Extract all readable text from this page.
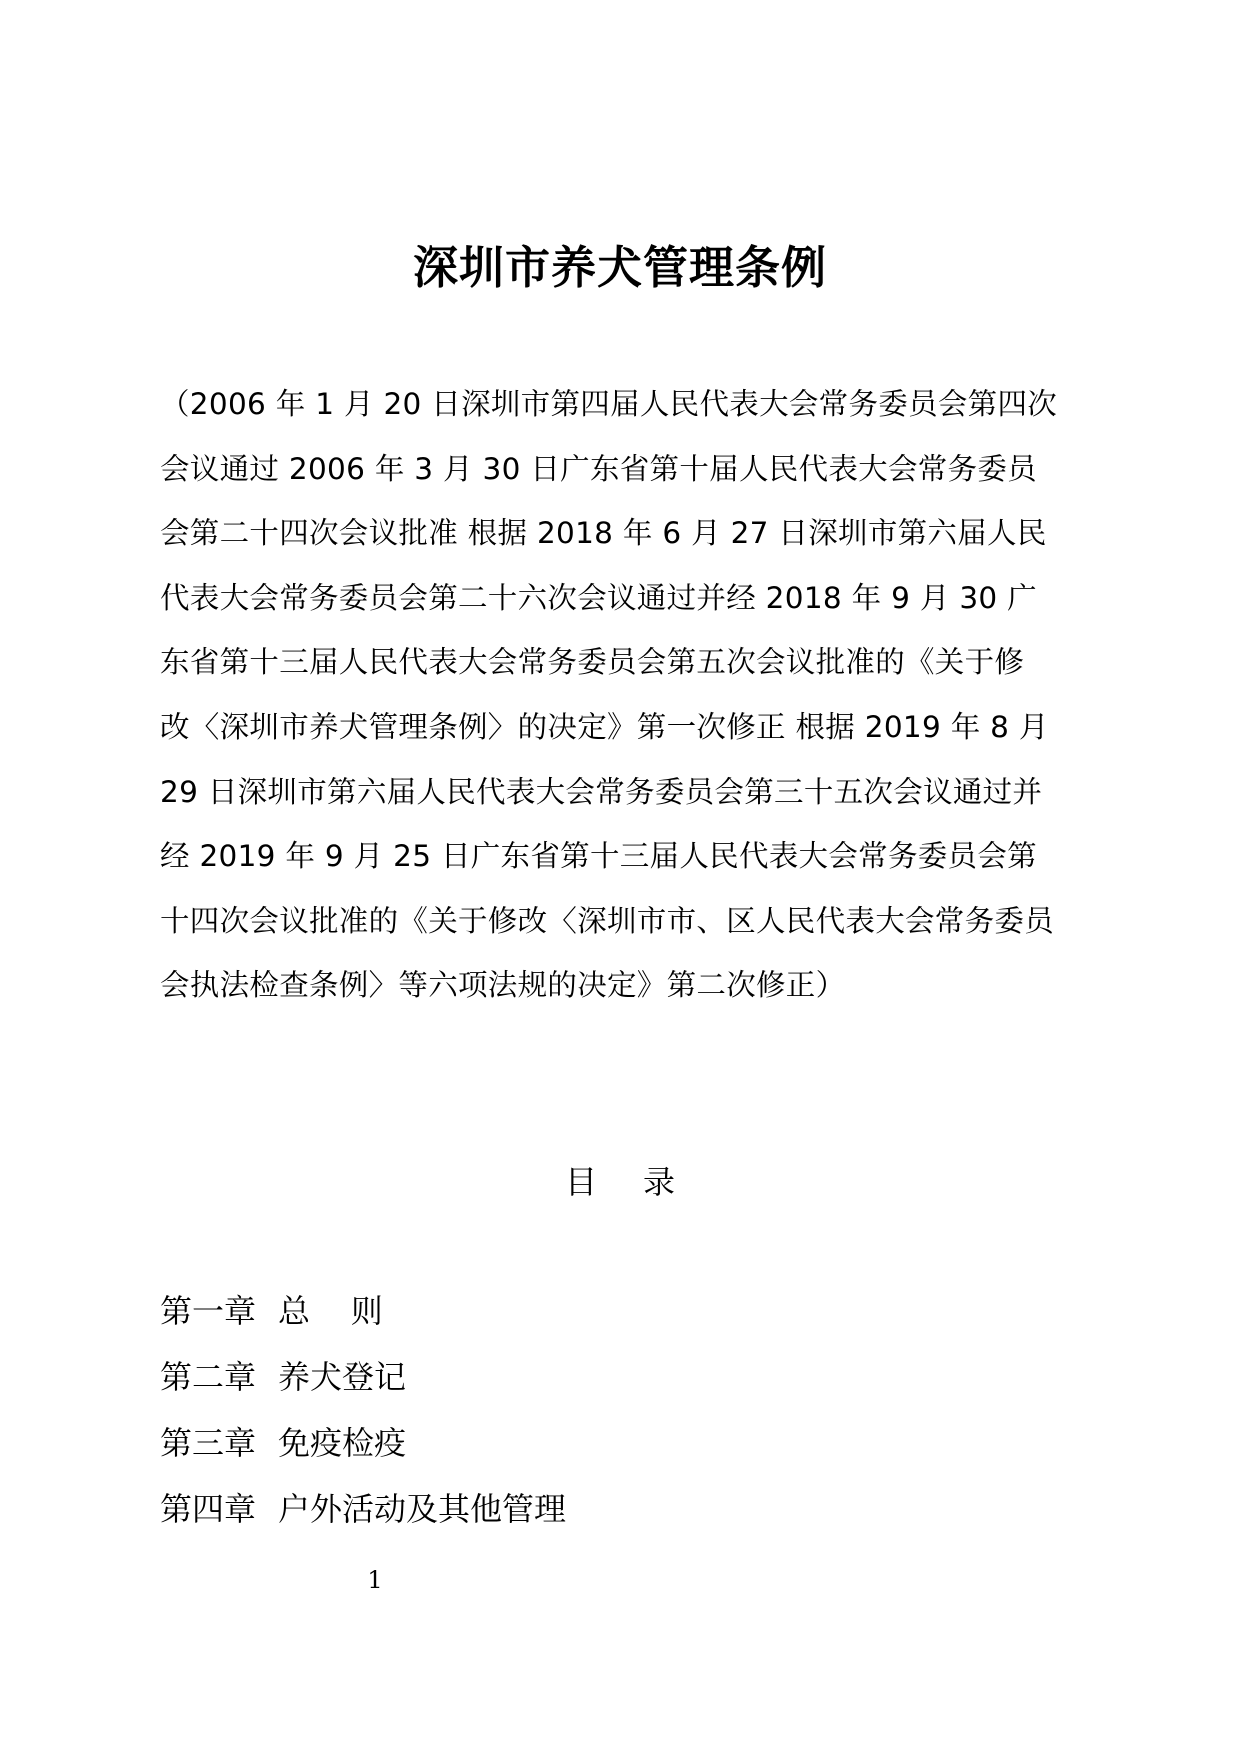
深圳市养犬管理条例
（2006 年 1 月 20 日深圳市第四届人民代表大会常务委员会第四次
会议通过 2006 年 3 月 30 日广东省第十届人民代表大会常务委员
会第二十四次会议批准 根据 2018 年 6 月 27 日深圳市第六届人民
代表大会常务委员会第二十六次会议通过并经 2018 年 9 月 30 广
东省第十三届人民代表大会常务委员会第五次会议批准的《关于修
改〈深圳市养犬管理条例〉的决定》第一次修正 根据 2019 年 8 月
29 日深圳市第六届人民代表大会常务委员会第三十五次会议通过并
经 2019 年 9 月 25 日广东省第十三届人民代表大会常务委员会第
十四次会议批准的《关于修改〈深圳市市、区人民代表大会常务委员
会执法检查条例〉等六项法规的决定》第二次修正）
目 录
第一章 总    则
第二章 养犬登记
第三章 免疫检疫
第四章 户外活动及其他管理
1
